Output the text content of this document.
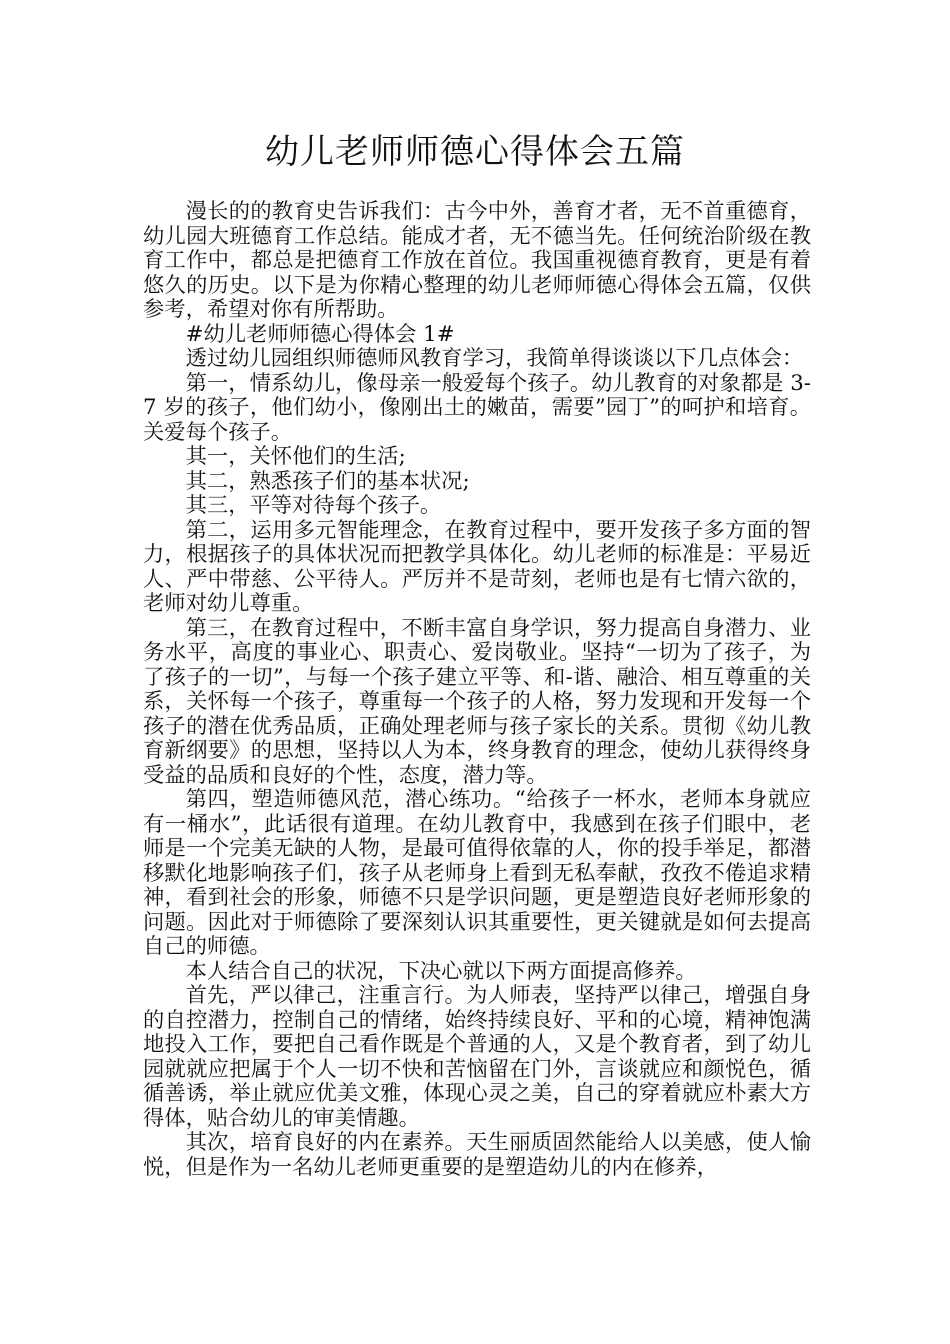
幼儿老师师德心得体会五篇

漫长的的教育史告诉我们：古今中外，善育才者，无不首重德育，幼儿园大班德育工作总结。能成才者，无不德当先。任何统治阶级在教育工作中，都总是把德育工作放在首位。我国重视德育教育，更是有着悠久的历史。以下是为你精心整理的幼儿老师师德心得体会五篇，仅供参考，希望对你有所帮助。

#幼儿老师师德心得体会 1#

透过幼儿园组织师德师风教育学习，我简单得谈谈以下几点体会：

第一，情系幼儿，像母亲一般爱每个孩子。幼儿教育的对象都是 3-7 岁的孩子，他们幼小，像刚出土的嫩苗，需要”园丁”的呵护和培育。关爱每个孩子。

其一，关怀他们的生活;

其二，熟悉孩子们的基本状况;

其三，平等对待每个孩子。

第二，运用多元智能理念，在教育过程中，要开发孩子多方面的智力，根据孩子的具体状况而把教学具体化。幼儿老师的标准是：平易近人、严中带慈、公平待人。严厉并不是苛刻，老师也是有七情六欲的，老师对幼儿尊重。

第三，在教育过程中，不断丰富自身学识，努力提高自身潜力、业务水平，高度的事业心、职责心、爱岗敬业。坚持“一切为了孩子，为了孩子的一切”，与每一个孩子建立平等、和-谐、融洽、相互尊重的关系，关怀每一个孩子，尊重每一个孩子的人格，努力发现和开发每一个孩子的潜在优秀品质，正确处理老师与孩子家长的关系。贯彻《幼儿教育新纲要》的思想，坚持以人为本，终身教育的理念，使幼儿获得终身受益的品质和良好的个性，态度，潜力等。

第四，塑造师德风范，潜心练功。“给孩子一杯水，老师本身就应有一桶水”，此话很有道理。在幼儿教育中，我感到在孩子们眼中，老师是一个完美无缺的人物，是最可值得依靠的人，你的投手举足，都潜移默化地影响孩子们，孩子从老师身上看到无私奉献，孜孜不倦追求精神，看到社会的形象，师德不只是学识问题，更是塑造良好老师形象的问题。因此对于师德除了要深刻认识其重要性，更关键就是如何去提高自己的师德。

本人结合自己的状况，下决心就以下两方面提高修养。

首先，严以律己，注重言行。为人师表，坚持严以律己，增强自身的自控潜力，控制自己的情绪，始终持续良好、平和的心境，精神饱满地投入工作，要把自己看作既是个普通的人，又是个教育者，到了幼儿园就就应把属于个人一切不快和苦恼留在门外，言谈就应和颜悦色，循循善诱，举止就应优美文雅，体现心灵之美，自己的穿着就应朴素大方得体，贴合幼儿的审美情趣。

其次，培育良好的内在素养。天生丽质固然能给人以美感，使人愉悦，但是作为一名幼儿老师更重要的是塑造幼儿的内在修养，
